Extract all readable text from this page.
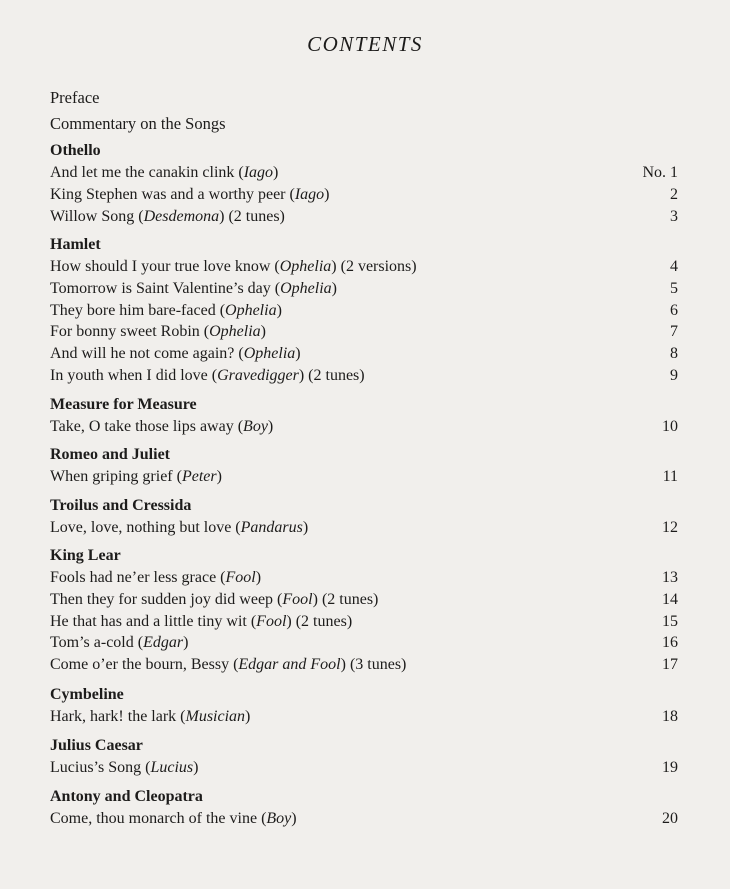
CONTENTS
Preface
Commentary on the Songs
Othello
And let me the canakin clink (Iago)	No. 1
King Stephen was and a worthy peer (Iago)	2
Willow Song (Desdemona) (2 tunes)	3
Hamlet
How should I your true love know (Ophelia) (2 versions)	4
Tomorrow is Saint Valentine’s day (Ophelia)	5
They bore him bare-faced (Ophelia)	6
For bonny sweet Robin (Ophelia)	7
And will he not come again? (Ophelia)	8
In youth when I did love (Gravedigger) (2 tunes)	9
Measure for Measure
Take, O take those lips away (Boy)	10
Romeo and Juliet
When griping grief (Peter)	11
Troilus and Cressida
Love, love, nothing but love (Pandarus)	12
King Lear
Fools had ne’er less grace (Fool)	13
Then they for sudden joy did weep (Fool) (2 tunes)	14
He that has and a little tiny wit (Fool) (2 tunes)	15
Tom’s a-cold (Edgar)	16
Come o’er the bourn, Bessy (Edgar and Fool) (3 tunes)	17
Cymbeline
Hark, hark! the lark (Musician)	18
Julius Caesar
Lucius’s Song (Lucius)	19
Antony and Cleopatra
Come, thou monarch of the vine (Boy)	20
